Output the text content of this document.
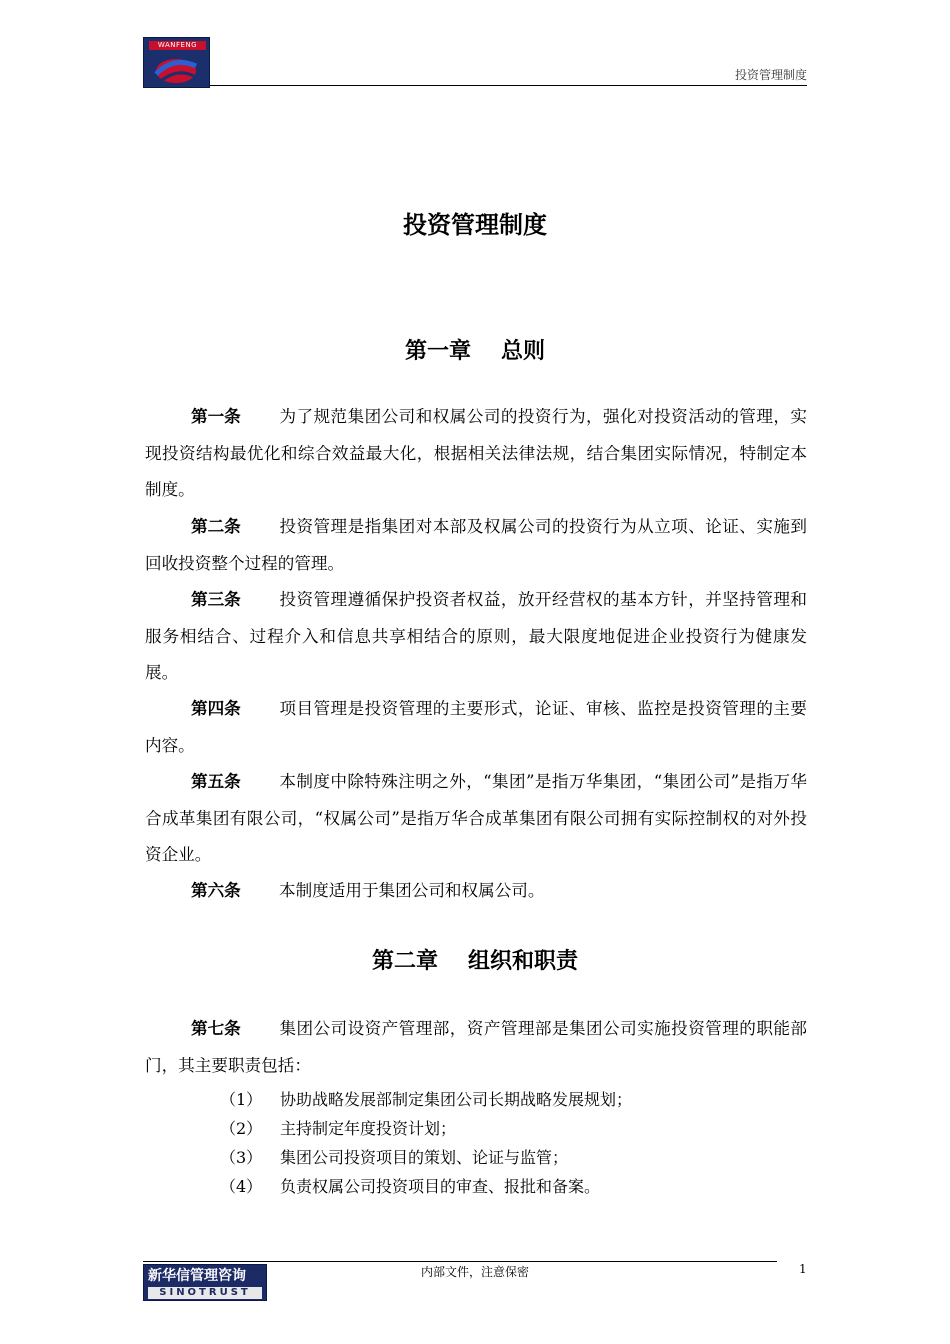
WANFENG
投资管理制度
投资管理制度
第一章 总则
第一条 为了规范集团公司和权属公司的投资行为，强化对投资活动的管理，实现投资结构最优化和综合效益最大化，根据相关法律法规，结合集团实际情况，特制定本制度。
第二条 投资管理是指集团对本部及权属公司的投资行为从立项、论证、实施到回收投资整个过程的管理。
第三条 投资管理遵循保护投资者权益，放开经营权的基本方针，并坚持管理和服务相结合、过程介入和信息共享相结合的原则，最大限度地促进企业投资行为健康发展。
第四条 项目管理是投资管理的主要形式，论证、审核、监控是投资管理的主要内容。
第五条 本制度中除特殊注明之外，“集团”是指万华集团，“集团公司”是指万华合成革集团有限公司，“权属公司”是指万华合成革集团有限公司拥有实际控制权的对外投资企业。
第六条 本制度适用于集团公司和权属公司。
第二章 组织和职责
第七条 集团公司设资产管理部，资产管理部是集团公司实施投资管理的职能部门，其主要职责包括：
（1）	协助战略发展部制定集团公司长期战略发展规划；
（2）	主持制定年度投资计划；
（3）	集团公司投资项目的策划、论证与监管；
（4）	负责权属公司投资项目的审查、报批和备案。
新华信管理咨询
SINOTRUST
内部文件，注意保密	1
